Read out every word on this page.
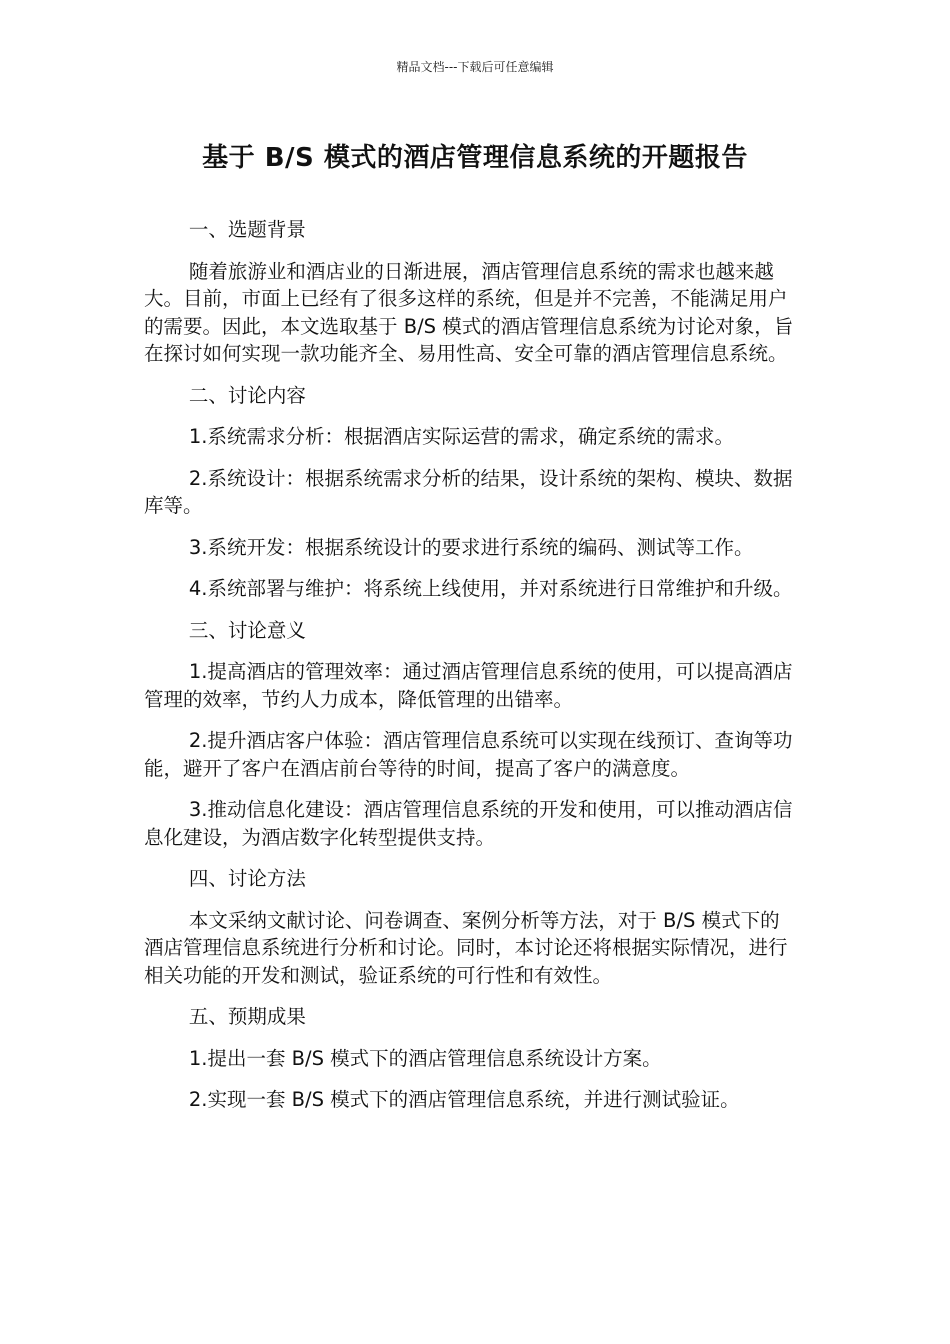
精品文档---下载后可任意编辑
基于 B/S 模式的酒店管理信息系统的开题报告

一、选题背景

随着旅游业和酒店业的日渐进展，酒店管理信息系统的需求也越来越大。目前，市面上已经有了很多这样的系统，但是并不完善，不能满足用户的需要。因此，本文选取基于 B/S 模式的酒店管理信息系统为讨论对象，旨在探讨如何实现一款功能齐全、易用性高、安全可靠的酒店管理信息系统。

二、讨论内容

1.系统需求分析：根据酒店实际运营的需求，确定系统的需求。

2.系统设计：根据系统需求分析的结果，设计系统的架构、模块、数据库等。

3.系统开发：根据系统设计的要求进行系统的编码、测试等工作。

4.系统部署与维护：将系统上线使用，并对系统进行日常维护和升级。

三、讨论意义

1.提高酒店的管理效率：通过酒店管理信息系统的使用，可以提高酒店管理的效率，节约人力成本，降低管理的出错率。

2.提升酒店客户体验：酒店管理信息系统可以实现在线预订、查询等功能，避开了客户在酒店前台等待的时间，提高了客户的满意度。

3.推动信息化建设：酒店管理信息系统的开发和使用，可以推动酒店信息化建设，为酒店数字化转型提供支持。

四、讨论方法

本文采纳文献讨论、问卷调查、案例分析等方法，对于 B/S 模式下的酒店管理信息系统进行分析和讨论。同时，本讨论还将根据实际情况，进行相关功能的开发和测试，验证系统的可行性和有效性。

五、预期成果

1.提出一套 B/S 模式下的酒店管理信息系统设计方案。

2.实现一套 B/S 模式下的酒店管理信息系统，并进行测试验证。
